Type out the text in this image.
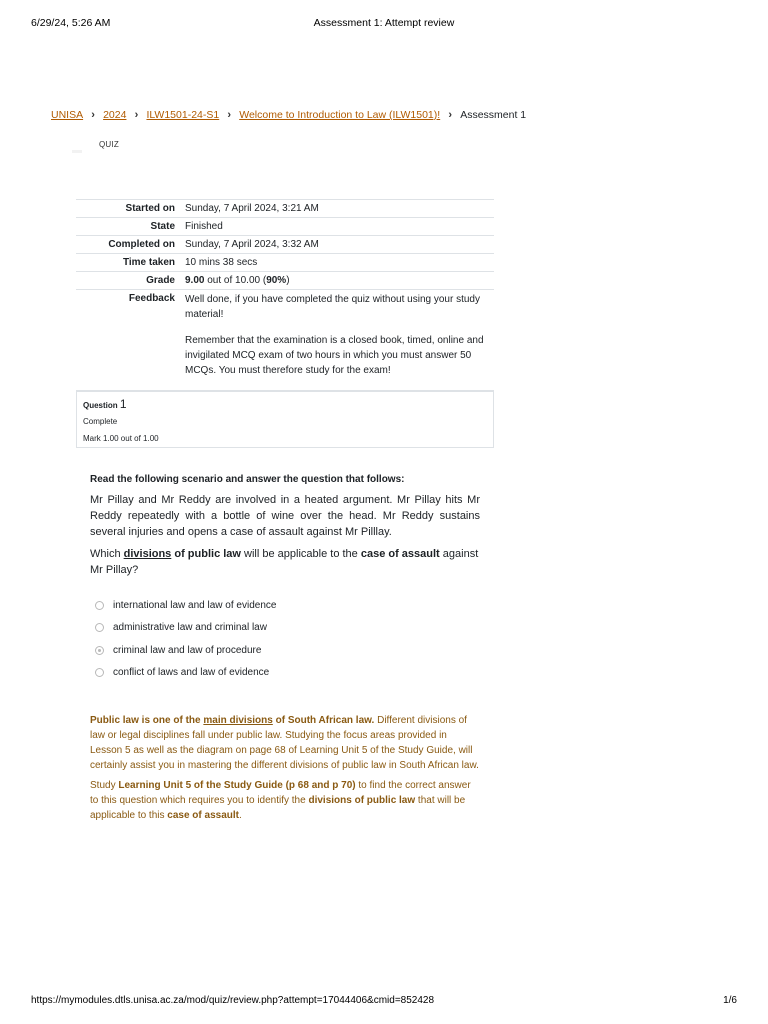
6/29/24, 5:26 AM	Assessment 1: Attempt review
UNISA › 2024 › ILW1501-24-S1 › Welcome to Introduction to Law (ILW1501)! › Assessment 1
QUIZ
Started on	Sunday, 7 April 2024, 3:21 AM
State	Finished
Completed on	Sunday, 7 April 2024, 3:32 AM
Time taken	10 mins 38 secs
Grade	9.00 out of 10.00 (90%)
Feedback	Well done, if you have completed the quiz without using your study material!

Remember that the examination is a closed book, timed, online and invigilated MCQ exam of two hours in which you must answer 50 MCQs. You must therefore study for the exam!

Question 1
Complete
Mark 1.00 out of 1.00

Read the following scenario and answer the question that follows:

Mr Pillay and Mr Reddy are involved in a heated argument. Mr Pillay hits Mr Reddy repeatedly with a bottle of wine over the head. Mr Reddy sustains several injuries and opens a case of assault against Mr Pilllay.

Which divisions of public law will be applicable to the case of assault against Mr Pillay?

international law and law of evidence
administrative law and criminal law
criminal law and law of procedure
conflict of laws and law of evidence

Public law is one of the main divisions of South African law. Different divisions of law or legal disciplines fall under public law. Studying the focus areas provided in Lesson 5 as well as the diagram on page 68 of Learning Unit 5 of the Study Guide, will certainly assist you in mastering the different divisions of public law in South African law.

Study Learning Unit 5 of the Study Guide (p 68 and p 70) to find the correct answer to this question which requires you to identify the divisions of public law that will be applicable to this case of assault.

https://mymodules.dtls.unisa.ac.za/mod/quiz/review.php?attempt=17044406&cmid=852428	1/6
